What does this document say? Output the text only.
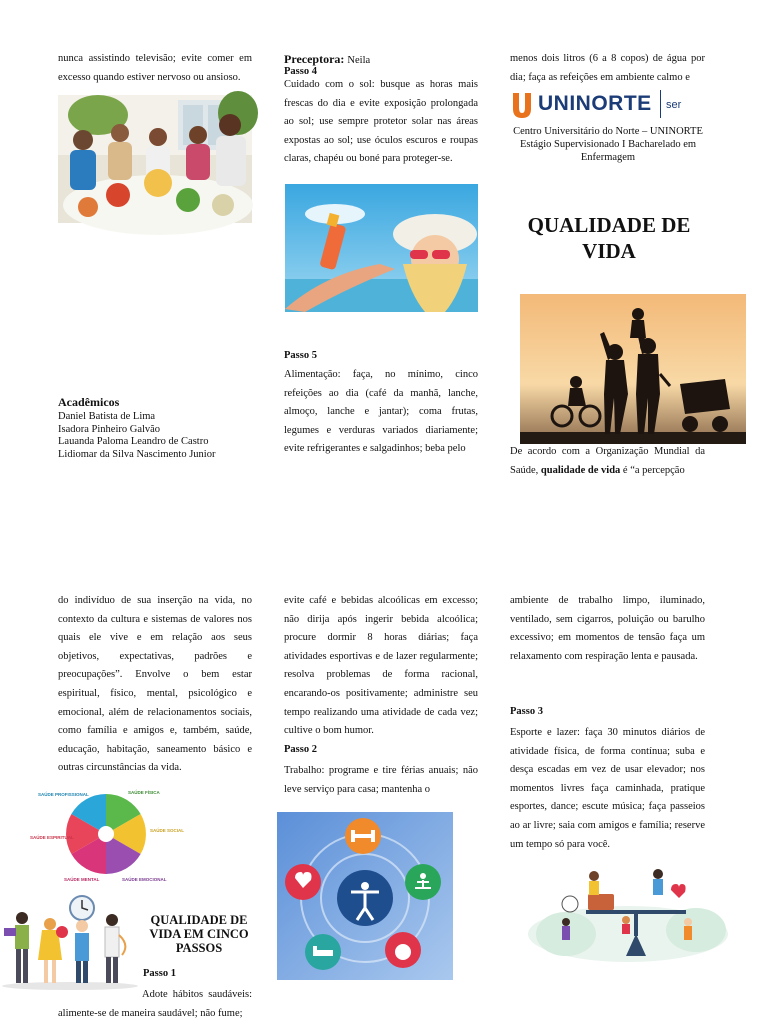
nunca assistindo televisão; evite comer em excesso quando estiver nervoso ou ansioso.
Acadêmicos
Daniel Batista de Lima
Isadora Pinheiro Galvão
Lauanda Paloma Leandro de Castro
Lidiomar da Silva Nascimento Junior
Preceptora: Neila
Passo 4
Cuidado com o sol: busque as horas mais frescas do dia e evite exposição prolongada ao sol; use sempre protetor solar nas áreas expostas ao sol; use óculos escuros e roupas claras, chapéu ou boné para proteger-se.
Passo 5
Alimentação: faça, no mínimo, cinco refeições ao dia (café da manhã, lanche, almoço, lanche e jantar); coma frutas, legumes e verduras variados diariamente; evite refrigerantes e salgadinhos; beba pelo
menos dois litros (6 a 8 copos) de água por dia; faça as refeições em ambiente calmo e
UNINORTE ser
Centro Universitário do Norte – UNINORTE Estágio Supervisionado I Bacharelado em Enfermagem
QUALIDADE DE
VIDA
De acordo com a Organização Mundial da Saúde, qualidade de vida é “a percepção
do indivíduo de sua inserção na vida, no contexto da cultura e sistemas de valores nos quais ele vive e em relação aos seus objetivos, expectativas, padrões e preocupações”. Envolve o bem estar espiritual, físico, mental, psicológico e emocional, além de relacionamentos sociais, como família e amigos e, também, saúde, educação, habitação, saneamento básico e outras circunstâncias da vida.
SAÚDE FÍSICA
SAÚDE SOCIAL
SAÚDE EMOCIONAL
SAÚDE MENTAL
SAÚDE ESPIRITUAL
SAÚDE PROFISSIONAL
QUALIDADE DE VIDA EM CINCO PASSOS
Passo 1
Adote hábitos saudáveis: alimente-se de maneira saudável; não fume;
evite café e bebidas alcoólicas em excesso; não dirija após ingerir bebida alcoólica; procure dormir 8 horas diárias; faça atividades esportivas e de lazer regularmente; resolva problemas de forma racional, encarando-os positivamente; administre seu tempo realizando uma atividade de cada vez; cultive o bom humor.
Passo 2
Trabalho: programe e tire férias anuais; não leve serviço para casa; mantenha o
ambiente de trabalho limpo, iluminado, ventilado, sem cigarros, poluição ou barulho excessivo; em momentos de tensão faça um relaxamento com respiração lenta e pausada.
Passo 3
Esporte e lazer: faça 30 minutos diários de atividade física, de forma contínua; suba e desça escadas em vez de usar elevador; nos momentos livres faça caminhada, pratique esportes, dance; escute música; faça passeios ao ar livre; saia com amigos e família; reserve um tempo só para você.
